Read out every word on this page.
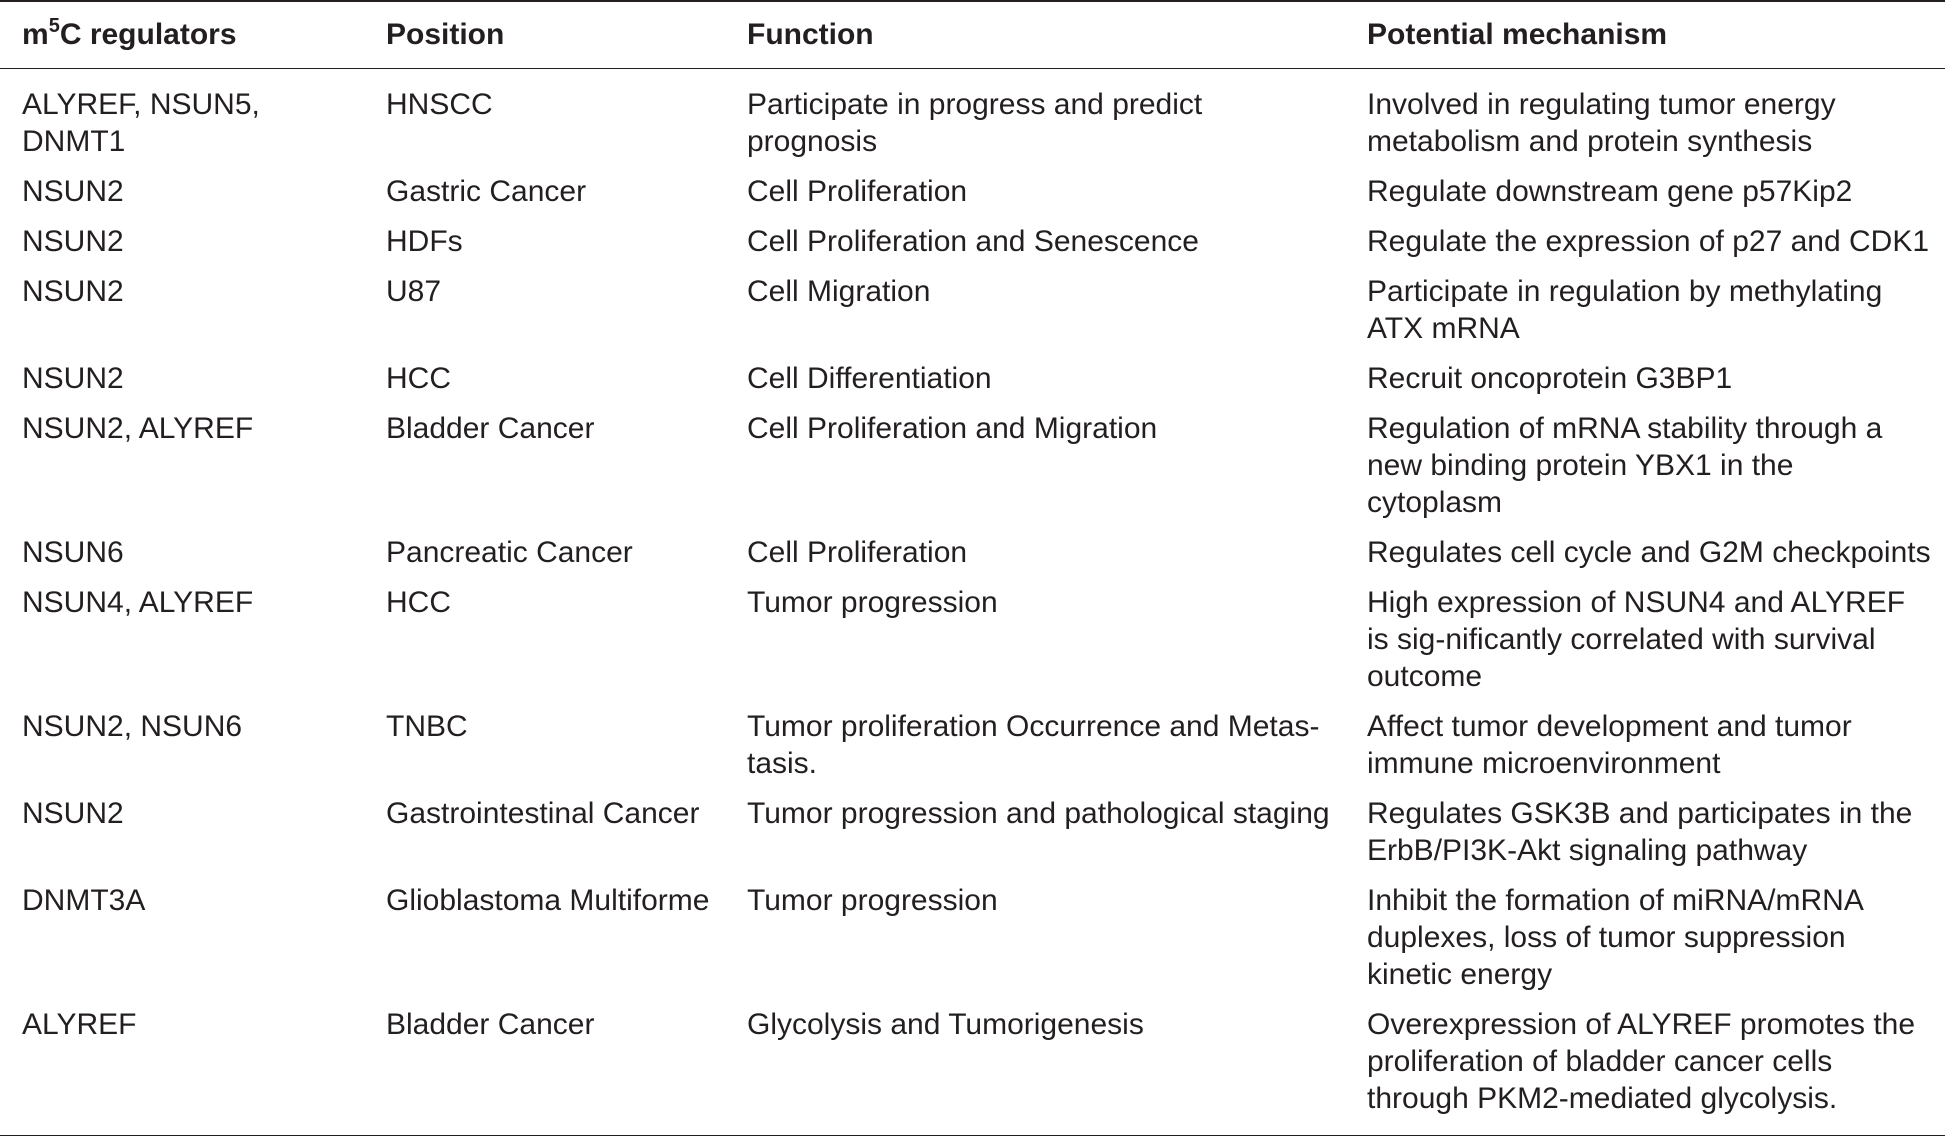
$m^5C$ regulators	Position	Function	Potential mechanism
ALYREF, NSUN5, DNMT1	HNSCC	Participate in progress and predict prognosis	Involved in regulating tumor energy metabolism and protein synthesis
NSUN2	Gastric Cancer	Cell Proliferation	Regulate downstream gene p57Kip2
NSUN2	HDFs	Cell Proliferation and Senescence	Regulate the expression of p27 and CDK1
NSUN2	U87	Cell Migration	Participate in regulation by methylating ATX mRNA
NSUN2	HCC	Cell Differentiation	Recruit oncoprotein G3BP1
NSUN2, ALYREF	Bladder Cancer	Cell Proliferation and Migration	Regulation of mRNA stability through a new binding protein YBX1 in the cytoplasm
NSUN6	Pancreatic Cancer	Cell Proliferation	Regulates cell cycle and G2M checkpoints
NSUN4, ALYREF	HCC	Tumor progression	High expression of NSUN4 and ALYREF is sig-nificantly correlated with survival outcome
NSUN2, NSUN6	TNBC	Tumor proliferation Occurrence and Metas-tasis.	Affect tumor development and tumor immune microenvironment
NSUN2	Gastrointestinal Cancer	Tumor progression and pathological staging	Regulates GSK3B and participates in the ErbB/PI3K-Akt signaling pathway
DNMT3A	Glioblastoma Multiforme	Tumor progression	Inhibit the formation of miRNA/mRNA duplexes, loss of tumor suppression kinetic energy
ALYREF	Bladder Cancer	Glycolysis and Tumorigenesis	Overexpression of ALYREF promotes the proliferation of bladder cancer cells through PKM2-mediated glycolysis.
